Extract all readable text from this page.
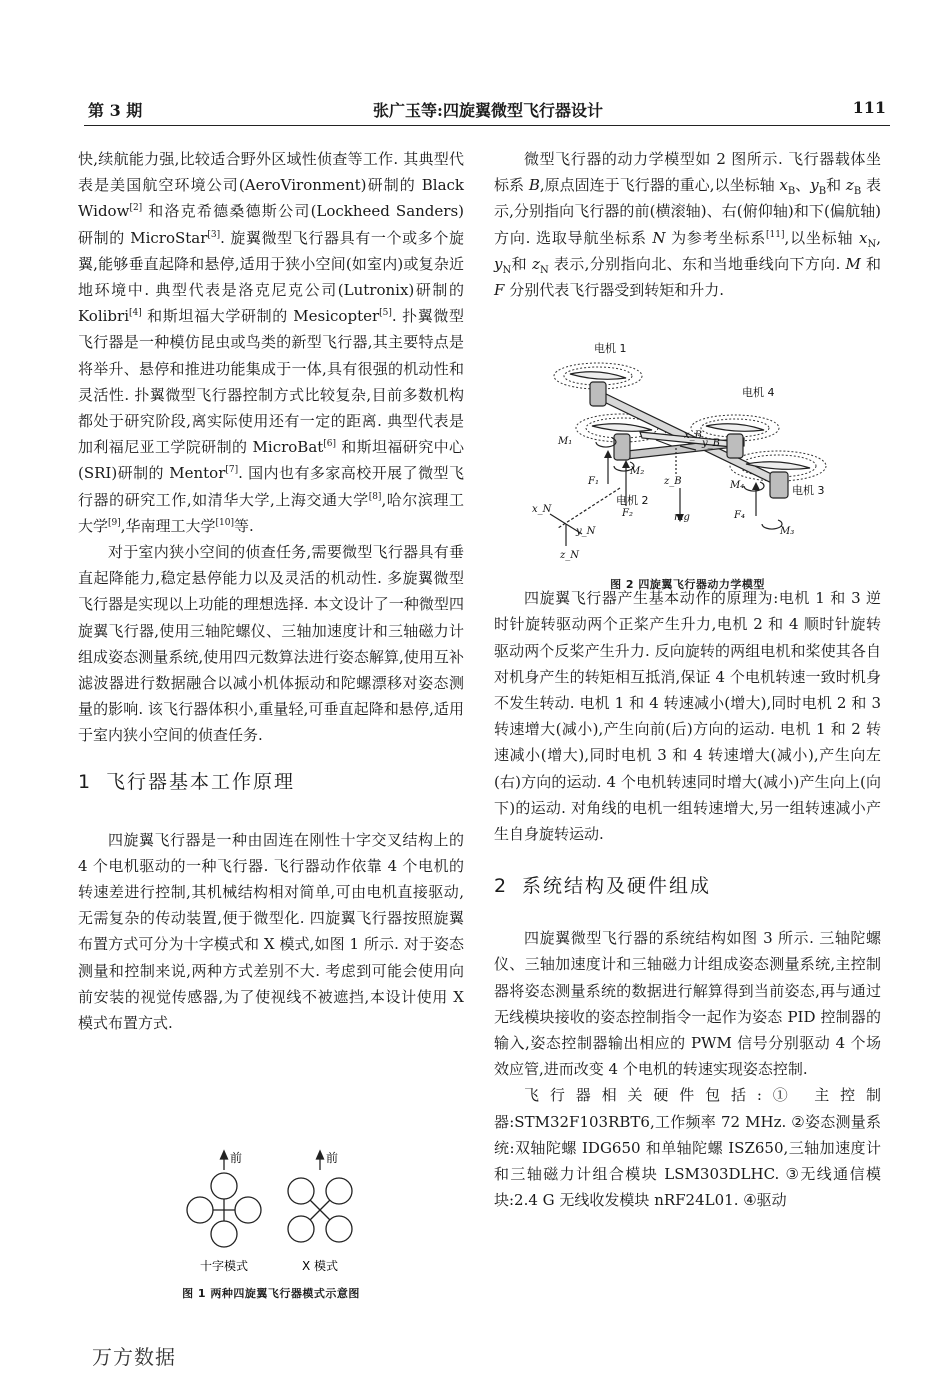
第 3 期	张广玉等:四旋翼微型飞行器设计	111

快,续航能力强,比较适合野外区域性侦查等工作. 其典型代表是美国航空环境公司(AeroVironment)研制的 Black Widow[2] 和洛克希德桑德斯公司(Lockheed Sanders)研制的 MicroStar[3]. 旋翼微型飞行器具有一个或多个旋翼,能够垂直起降和悬停,适用于狭小空间(如室内)或复杂近地环境中. 典型代表是洛克尼克公司(Lutronix)研制的 Kolibri[4] 和斯坦福大学研制的 Mesicopter[5]. 扑翼微型飞行器是一种模仿昆虫或鸟类的新型飞行器,其主要特点是将举升、悬停和推进功能集成于一体,具有很强的机动性和灵活性. 扑翼微型飞行器控制方式比较复杂,目前多数机构都处于研究阶段,离实际使用还有一定的距离. 典型代表是加利福尼亚工学院研制的 MicroBat[6] 和斯坦福研究中心(SRI)研制的 Mentor[7]. 国内也有多家高校开展了微型飞行器的研究工作,如清华大学,上海交通大学[8],哈尔滨理工大学[9],华南理工大学[10]等.

对于室内狭小空间的侦查任务,需要微型飞行器具有垂直起降能力,稳定悬停能力以及灵活的机动性. 多旋翼微型飞行器是实现以上功能的理想选择. 本文设计了一种微型四旋翼飞行器,使用三轴陀螺仪、三轴加速度计和三轴磁力计组成姿态测量系统,使用四元数算法进行姿态解算,使用互补滤波器进行数据融合以减小机体振动和陀螺漂移对姿态测量的影响. 该飞行器体积小,重量轻,可垂直起降和悬停,适用于室内狭小空间的侦查任务.

1 飞行器基本工作原理

四旋翼飞行器是一种由固连在刚性十字交叉结构上的 4 个电机驱动的一种飞行器. 飞行器动作依靠 4 个电机的转速差进行控制,其机械结构相对简单,可由电机直接驱动,无需复杂的传动装置,便于微型化. 四旋翼飞行器按照旋翼布置方式可分为十字模式和 X 模式,如图 1 所示. 对于姿态测量和控制来说,两种方式差别不大. 考虑到可能会使用向前安装的视觉传感器,为了使视线不被遮挡,本设计使用 X 模式布置方式.

前	前
十字模式	X 模式
图 1 两种四旋翼飞行器模式示意图

微型飞行器的动力学模型如 2 图所示. 飞行器载体坐标系 B,原点固连于飞行器的重心,以坐标轴 $x_B$、$y_B$和 $z_B$ 表示,分别指向飞行器的前(横滚轴)、右(俯仰轴)和下(偏航轴)方向. 选取导航坐标系 N 为参考坐标系[11],以坐标轴 $x_N$, $y_N$和 $z_N$ 表示,分别指向北、东和当地垂线向下方向. M 和 F 分别代表飞行器受到转矩和升力.

四旋翼飞行器产生基本动作的原理为:电机 1 和 3 逆时针旋转驱动两个正桨产生升力,电机 2 和 4 顺时针旋转驱动两个反桨产生升力. 反向旋转的两组电机和桨使其各自对机身产生的转矩相互抵消,保证 4 个电机转速一致时机身不发生转动. 电机 1 和 4 转速减小(增大),同时电机 2 和 3 转速增大(减小),产生向前(后)方向的运动. 电机 1 和 2 转速减小(增大),同时电机 3 和 4 转速增大(减小),产生向左(右)方向的运动. 4 个电机转速同时增大(减小)产生向上(向下)的运动. 对角线的电机一组转速增大,另一组转速减小产生自身旋转运动.

2 系统结构及硬件组成

四旋翼微型飞行器的系统结构如图 3 所示. 三轴陀螺仪、三轴加速度计和三轴磁力计组成姿态测量系统,主控制器将姿态测量系统的数据进行解算得到当前姿态,再与通过无线模块接收的姿态控制指令一起作为姿态 PID 控制器的输入,姿态控制器输出相应的 PWM 信号分别驱动 4 个场效应管,进而改变 4 个电机的转速实现姿态控制.

飞行器相关硬件包括:① 主控制器:STM32F103RBT6,工作频率 72 MHz. ②姿态测量系统:双轴陀螺 IDG650 和单轴陀螺 ISZ650,三轴加速度计和三轴磁力计组合模块 LSM303DLHC. ③无线通信模块:2.4 G 无线收发模块 nRF24L01. ④驱动

电机 1
电机 2
电机 3
电机 4
M₁
M₂
M₃
M₄
F₁
F₂	F₄
x_B
y_B
z_B
mg
x_N
y_N
z_N
图 2 四旋翼飞行器动力学模型
万方数据
